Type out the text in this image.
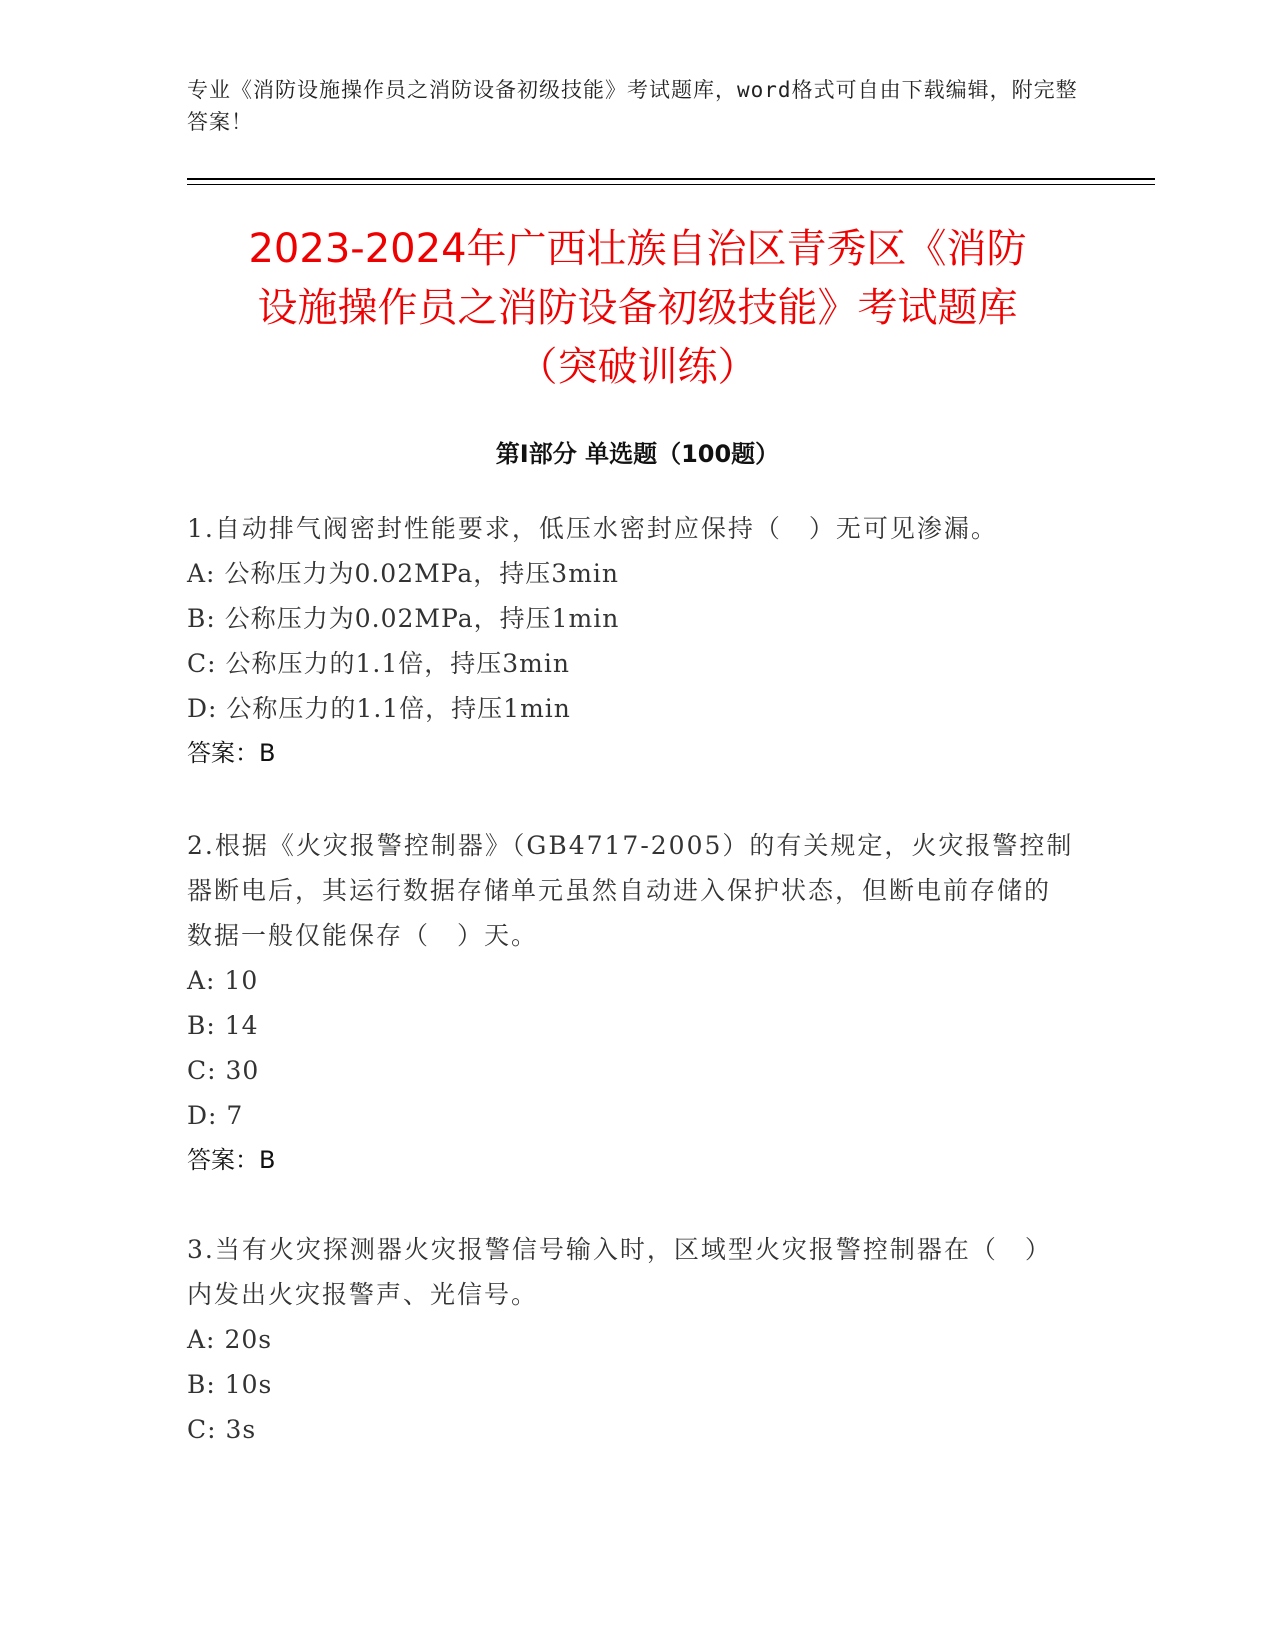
专业《消防设施操作员之消防设备初级技能》考试题库，word格式可自由下载编辑，附完整答案！
2023-2024年广西壮族自治区青秀区《消防
设施操作员之消防设备初级技能》考试题库
（突破训练）
第Ⅰ部分 单选题（100题）
1.自动排气阀密封性能要求，低压水密封应保持（　）无可见渗漏。
A: 公称压力为0.02MPa，持压3min
B: 公称压力为0.02MPa，持压1min
C: 公称压力的1.1倍，持压3min
D: 公称压力的1.1倍，持压1min
答案：B
2.根据《火灾报警控制器》（GB4717-2005）的有关规定，火灾报警控制器断电后，其运行数据存储单元虽然自动进入保护状态，但断电前存储的数据一般仅能保存（　）天。
A: 10
B: 14
C: 30
D: 7
答案：B
3.当有火灾探测器火灾报警信号输入时，区域型火灾报警控制器在（　）内发出火灾报警声、光信号。
A: 20s
B: 10s
C: 3s
